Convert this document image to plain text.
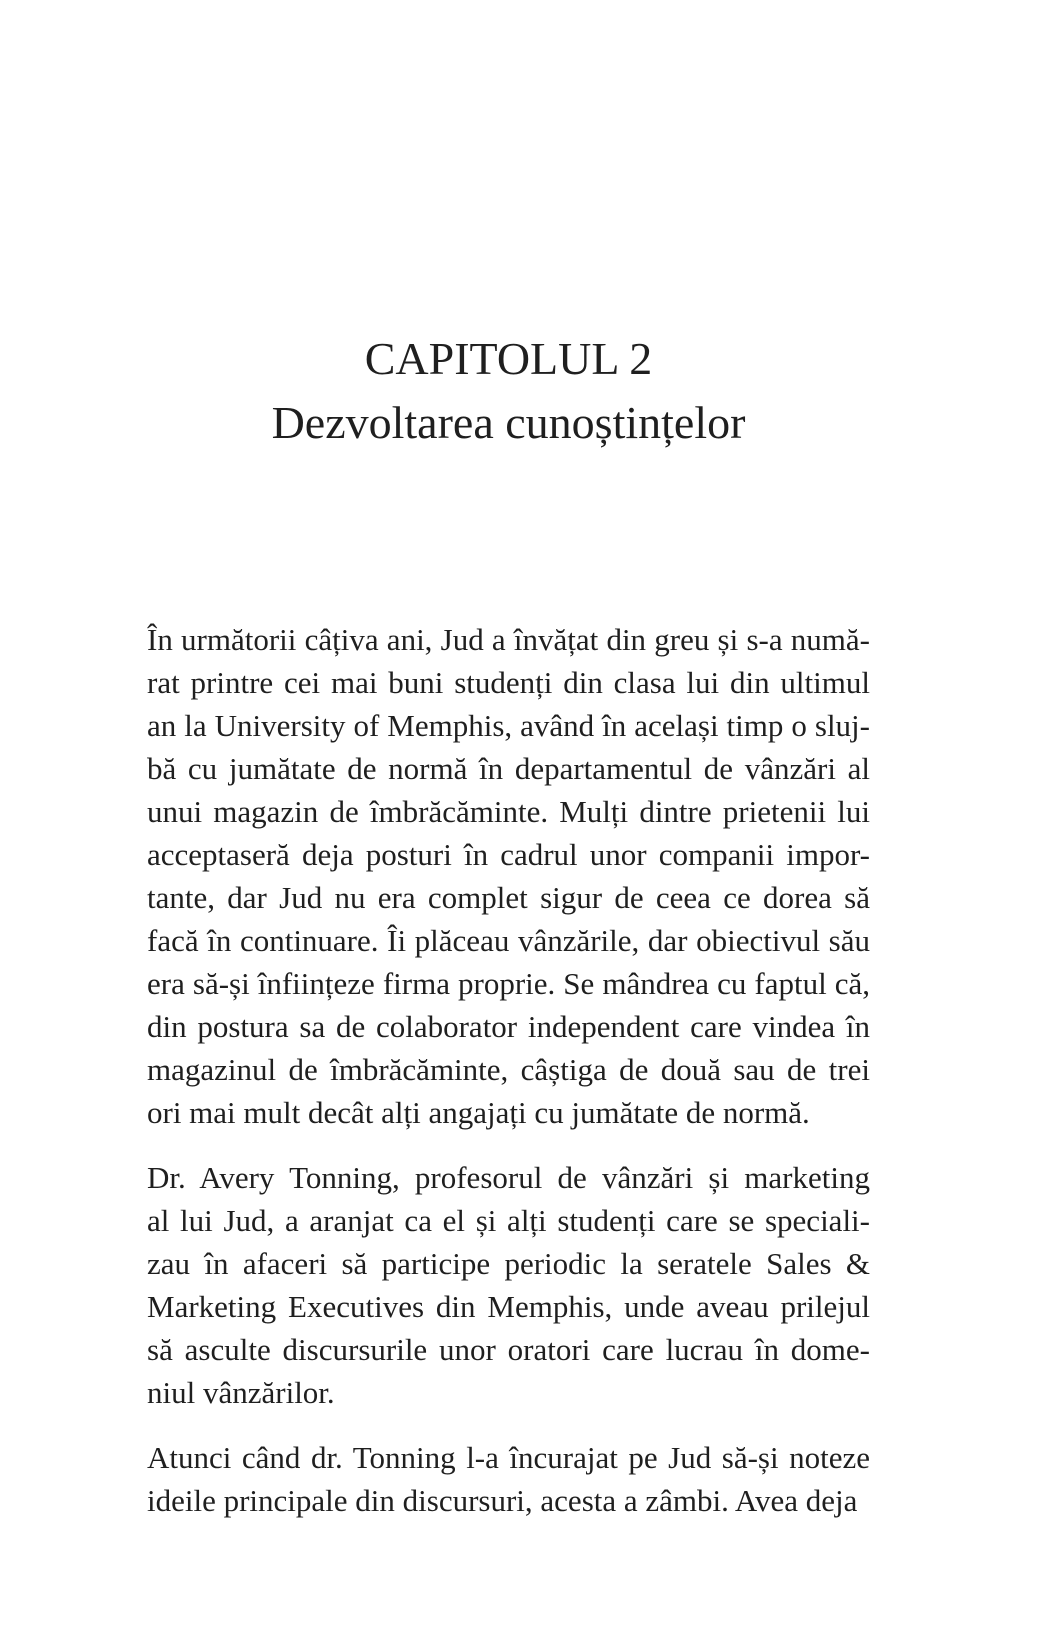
CAPITOLUL 2
Dezvoltarea cunoștințelor

În următorii câțiva ani, Jud a învățat din greu și s-a numă-
rat printre cei mai buni studenți din clasa lui din ultimul
an la University of Memphis, având în același timp o sluj-
bă cu jumătate de normă în departamentul de vânzări al
unui magazin de îmbrăcăminte. Mulți dintre prietenii lui
acceptaseră deja posturi în cadrul unor companii impor-
tante, dar Jud nu era complet sigur de ceea ce dorea să
facă în continuare. Îi plăceau vânzările, dar obiectivul său
era să-și înființeze firma proprie. Se mândrea cu faptul că,
din postura sa de colaborator independent care vindea în
magazinul de îmbrăcăminte, câștiga de două sau de trei
ori mai mult decât alți angajați cu jumătate de normă.

Dr. Avery Tonning, profesorul de vânzări și marketing
al lui Jud, a aranjat ca el și alți studenți care se speciali-
zau în afaceri să participe periodic la seratele Sales &
Marketing Executives din Memphis, unde aveau prilejul
să asculte discursurile unor oratori care lucrau în dome-
niul vânzărilor.

Atunci când dr. Tonning l-a încurajat pe Jud să-și noteze
ideile principale din discursuri, acesta a zâmbi. Avea deja
